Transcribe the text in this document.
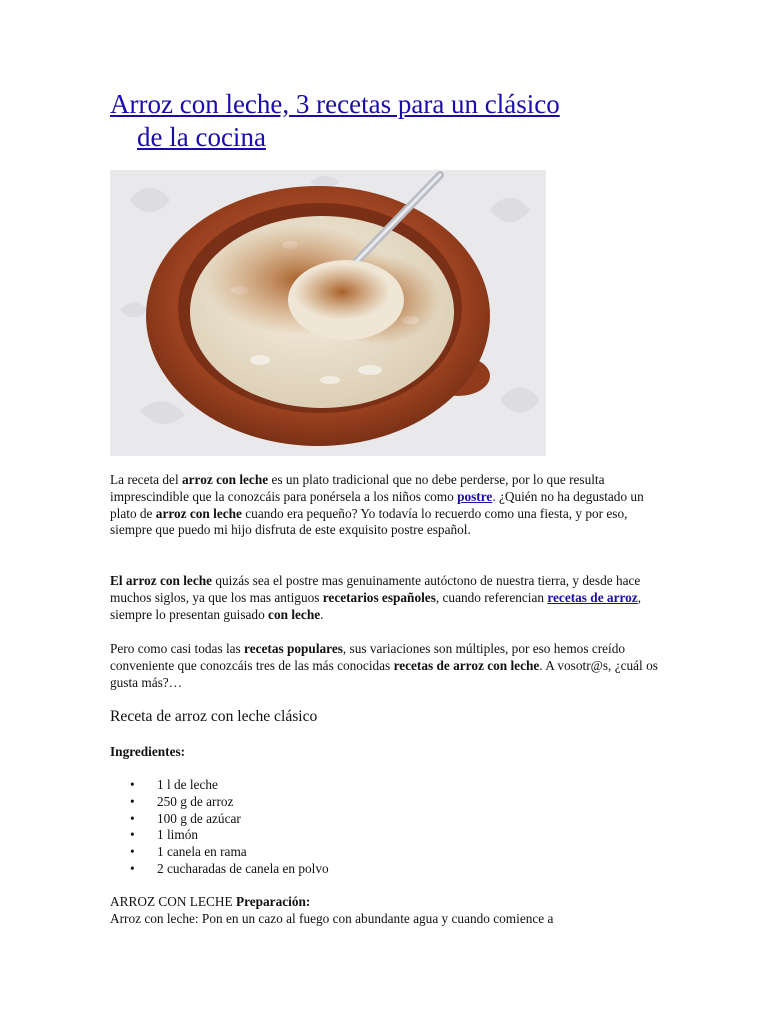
Arroz con leche, 3 recetas para un clásico
de la cocina

La receta del arroz con leche es un plato tradicional que no debe perderse, por lo que resulta imprescindible que la conozcáis para ponérsela a los niños como postre. ¿Quién no ha degustado un plato de arroz con leche cuando era pequeño? Yo todavía lo recuerdo como una fiesta, y por eso, siempre que puedo mi hijo disfruta de este exquisito postre español.

El arroz con leche quizás sea el postre mas genuinamente autóctono de nuestra tierra, y desde hace muchos siglos, ya que los mas antiguos recetarios españoles, cuando referencian recetas de arroz, siempre lo presentan guisado con leche.

Pero como casi todas las recetas populares, sus variaciones son múltiples, por eso hemos creído conveniente que conozcáis tres de las más conocidas recetas de arroz con leche. A vosotr@s, ¿cuál os gusta más?…

Receta de arroz con leche clásico
Ingredientes:
• 1 l de leche
• 250 g de arroz
• 100 g de azúcar
• 1 limón
• 1 canela en rama
• 2 cucharadas de canela en polvo
ARROZ CON LECHE Preparación:
Arroz con leche: Pon en un cazo al fuego con abundante agua y cuando comience a
